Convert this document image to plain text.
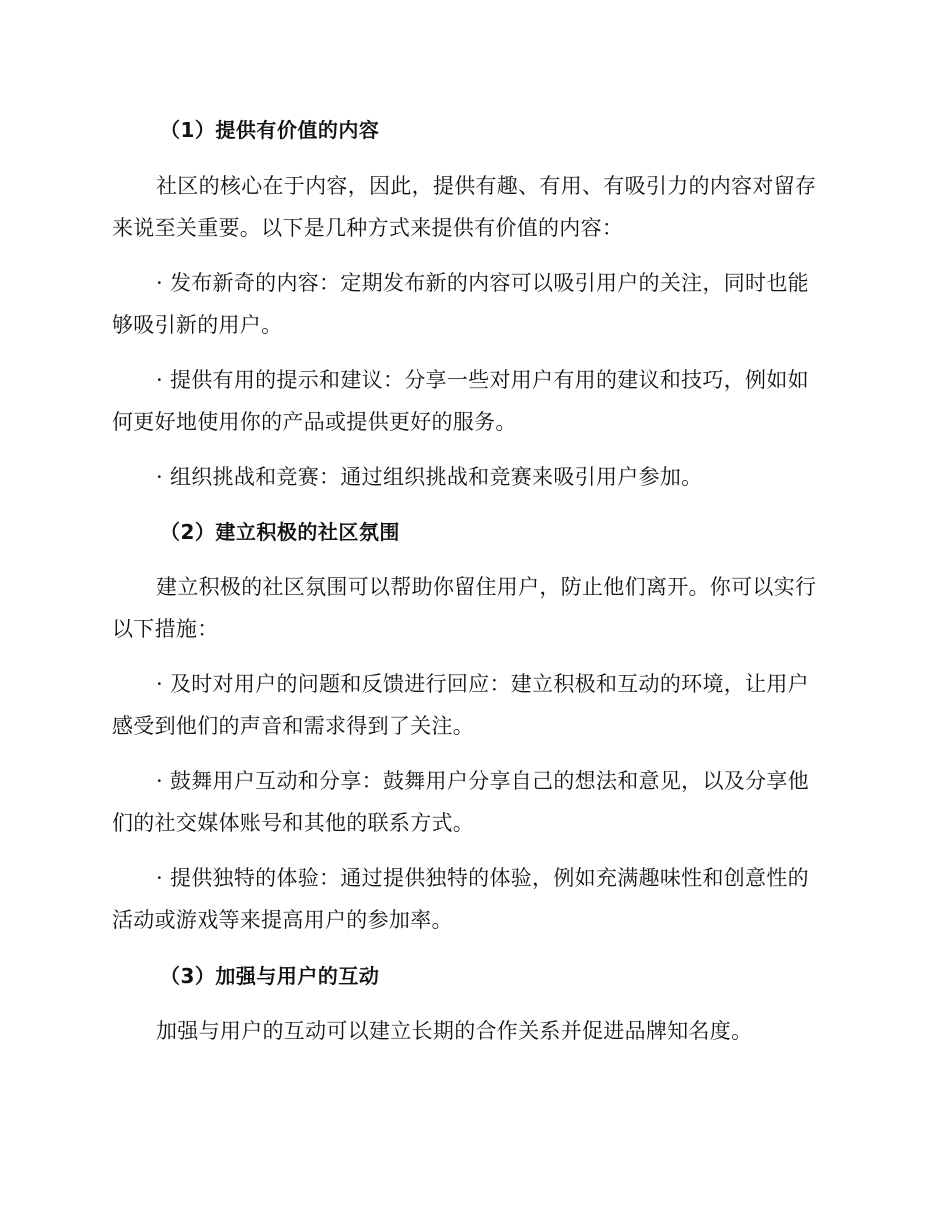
（1）提供有价值的内容
社区的核心在于内容，因此，提供有趣、有用、有吸引力的内容对留存
来说至关重要。以下是几种方式来提供有价值的内容：
· 发布新奇的内容：定期发布新的内容可以吸引用户的关注，同时也能
够吸引新的用户。
· 提供有用的提示和建议：分享一些对用户有用的建议和技巧，例如如
何更好地使用你的产品或提供更好的服务。
· 组织挑战和竞赛：通过组织挑战和竞赛来吸引用户参加。
（2）建立积极的社区氛围
建立积极的社区氛围可以帮助你留住用户，防止他们离开。你可以实行
以下措施：
· 及时对用户的问题和反馈进行回应：建立积极和互动的环境，让用户
感受到他们的声音和需求得到了关注。
· 鼓舞用户互动和分享：鼓舞用户分享自己的想法和意见，以及分享他
们的社交媒体账号和其他的联系方式。
· 提供独特的体验：通过提供独特的体验，例如充满趣味性和创意性的
活动或游戏等来提高用户的参加率。
（3）加强与用户的互动
加强与用户的互动可以建立长期的合作关系并促进品牌知名度。
